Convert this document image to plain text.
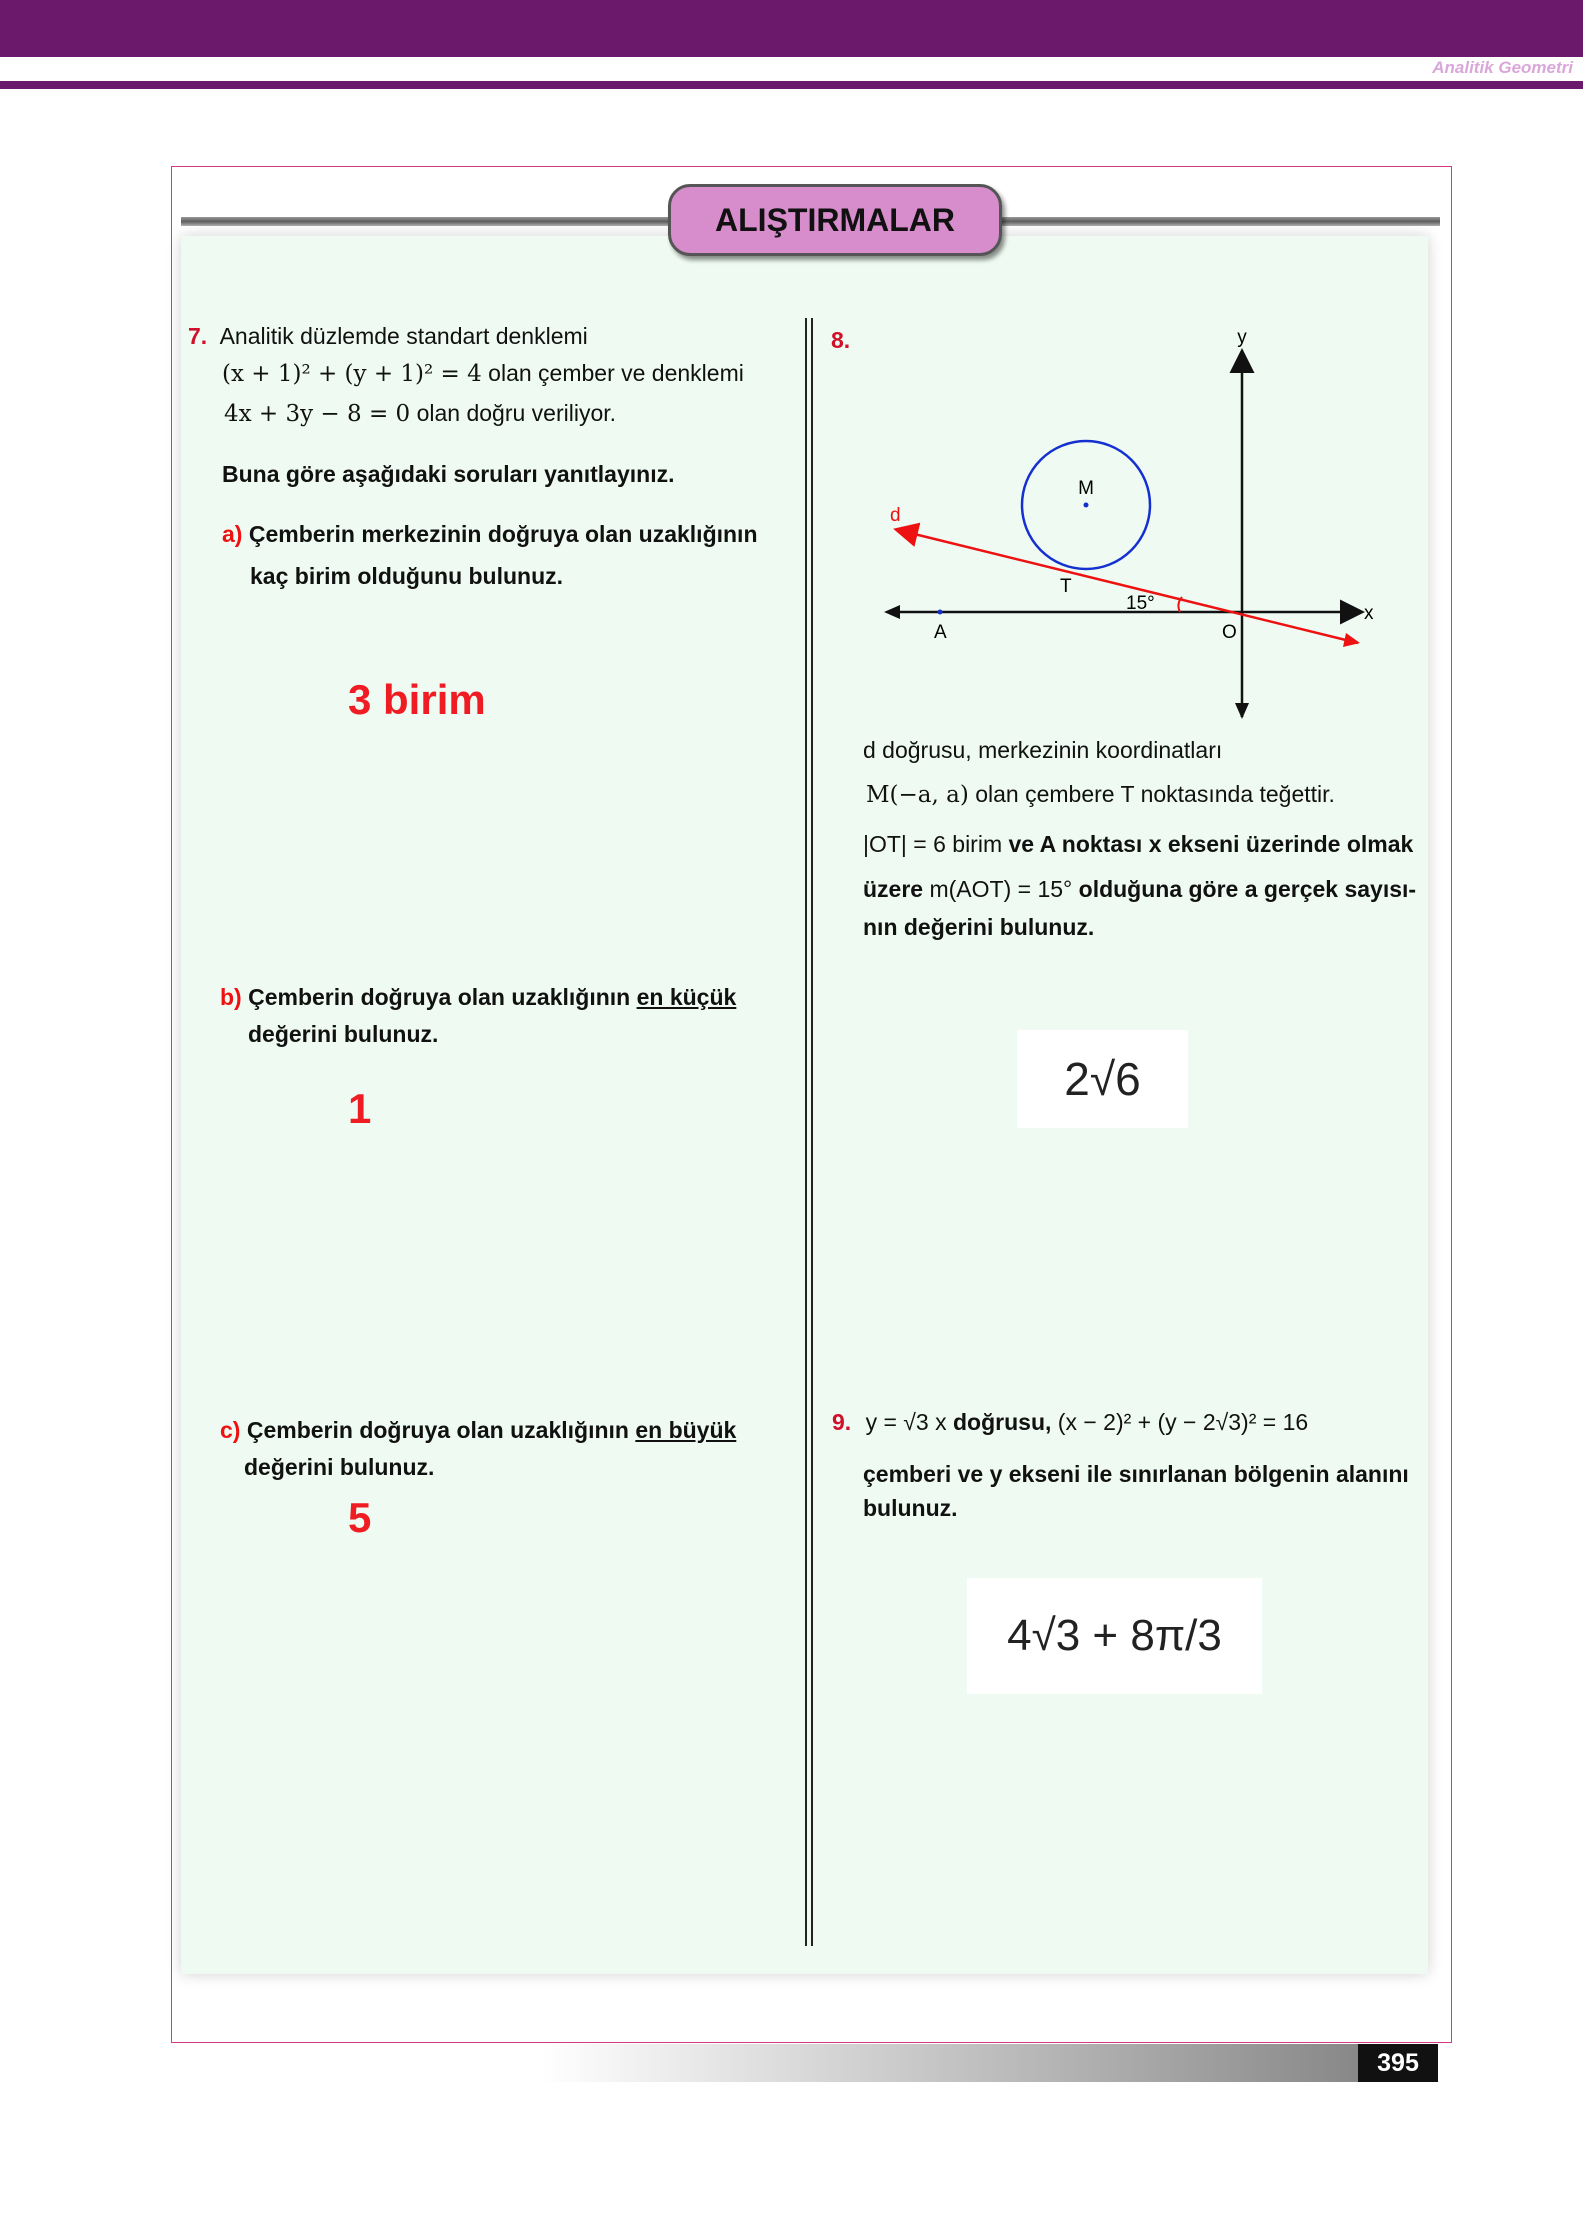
Analitik Geometri
ALIŞTIRMALAR
7. Analitik düzlemde standart denklemi
(x + 1)² + (y + 1)² = 4 olan çember ve denklemi
4x + 3y − 8 = 0 olan doğru veriliyor.
Buna göre aşağıdaki soruları yanıtlayınız.
a) Çemberin merkezinin doğruya olan uzaklığının
kaç birim olduğunu bulunuz.
3 birim
b) Çemberin doğruya olan uzaklığının en küçük
değerini bulunuz.
1
c) Çemberin doğruya olan uzaklığının en büyük
değerini bulunuz.
5
8.	y
x
M
d
T
15°
A	O
d doğrusu, merkezinin koordinatları
M(−a, a) olan çembere T noktasında teğettir.
|OT| = 6 birim ve A noktası x ekseni üzerinde olmak
üzere m(AOT) = 15° olduğuna göre a gerçek sayısı-
nın değerini bulunuz.
2√6
9. y = √3 x doğrusu, (x − 2)² + (y − 2√3)² = 16
çemberi ve y ekseni ile sınırlanan bölgenin alanını
bulunuz.
4√3 + 8π/3
395
